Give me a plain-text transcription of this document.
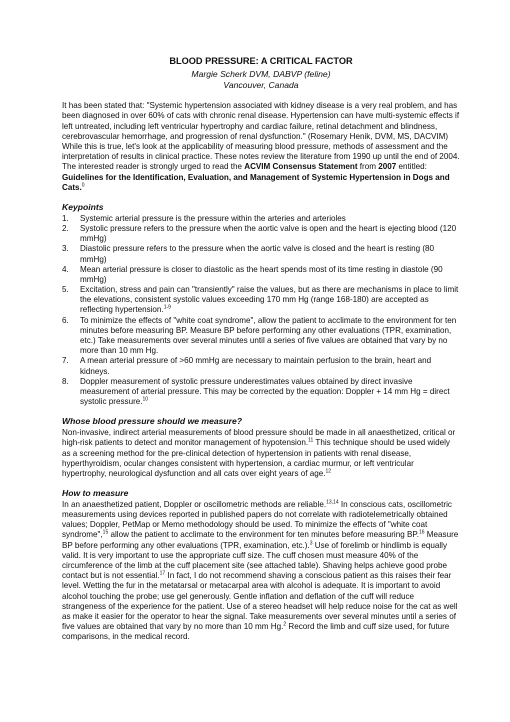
BLOOD PRESSURE: A CRITICAL FACTOR

Margie Scherk DVM, DABVP (feline)

Vancouver, Canada

It has been stated that: "Systemic hypertension associated with kidney disease is a very real problem, and has been diagnosed in over 60% of cats with chronic renal disease. Hypertension can have multi-systemic effects if left untreated, including left ventricular hypertrophy and cardiac failure, retinal detachment and blindness, cerebrovascular hemorrhage, and progression of renal dysfunction." (Rosemary Henik, DVM, MS, DACVIM) While this is true, let's look at the applicability of measuring blood pressure, methods of assessment and the interpretation of results in clinical practice. These notes review the literature from 1990 up until the end of 2004. The interested reader is strongly urged to read the ACVIM Consensus Statement from 2007 entitled: Guidelines for the Identification, Evaluation, and Management of Systemic Hypertension in Dogs and Cats.$^0$

Keypoints

1.	Systemic arterial pressure is the pressure within the arteries and arterioles
2.	Systolic pressure refers to the pressure when the aortic valve is open and the heart is ejecting blood (120 mmHg)
3.	Diastolic pressure refers to the pressure when the aortic valve is closed and the heart is resting (80 mmHg)
4.	Mean arterial pressure is closer to diastolic as the heart spends most of its time resting in diastole (90 mmHg)
5.	Excitation, stress and pain can "transiently" raise the values, but as there are mechanisms in place to limit the elevations, consistent systolic values exceeding 170 mm Hg (range 168-180) are accepted as reflecting hypertension.$^{1-9}$
6.	To minimize the effects of "white coat syndrome", allow the patient to acclimate to the environment for ten minutes before measuring BP. Measure BP before performing any other evaluations (TPR, examination, etc.) Take measurements over several minutes until a series of five values are obtained that vary by no more than 10 mm Hg.
7.	A mean arterial pressure of >60 mmHg are necessary to maintain perfusion to the brain, heart and kidneys.
8.	Doppler measurement of systolic pressure underestimates values obtained by direct invasive measurement of arterial pressure. This may be corrected by the equation: Doppler + 14 mm Hg = direct systolic pressure.$^{10}$

Whose blood pressure should we measure?

Non-invasive, indirect arterial measurements of blood pressure should be made in all anaesthetized, critical or high-risk patients to detect and monitor management of hypotension.$^{11}$ This technique should be used widely as a screening method for the pre-clinical detection of hypertension in patients with renal disease, hyperthyroidism, ocular changes consistent with hypertension, a cardiac murmur, or left ventricular hypertrophy, neurological dysfunction and all cats over eight years of age.$^{12}$

How to measure

In an anaesthetized patient, Doppler or oscillometric methods are reliable.$^{13,14}$ In conscious cats, oscillometric measurements using devices reported in published papers do not correlate with radiotelemetrically obtained values; Doppler, PetMap or Memo methodology should be used. To minimize the effects of "white coat syndrome",$^{15}$ allow the patient to acclimate to the environment for ten minutes before measuring BP.$^{16}$ Measure BP before performing any other evaluations (TPR, examination, etc.).$^3$ Use of forelimb or hindlimb is equally valid. It is very important to use the appropriate cuff size. The cuff chosen must measure 40% of the circumference of the limb at the cuff placement site (see attached table). Shaving helps achieve good probe contact but is not essential.$^{17}$ In fact, I do not recommend shaving a conscious patient as this raises their fear level. Wetting the fur in the metatarsal or metacarpal area with alcohol is adequate. It is important to avoid alcohol touching the probe; use gel generously. Gentle inflation and deflation of the cuff will reduce strangeness of the experience for the patient. Use of a stereo headset will help reduce noise for the cat as well as make it easier for the operator to hear the signal. Take measurements over several minutes until a series of five values are obtained that vary by no more than 10 mm Hg.$^2$ Record the limb and cuff size used, for future comparisons, in the medical record.
